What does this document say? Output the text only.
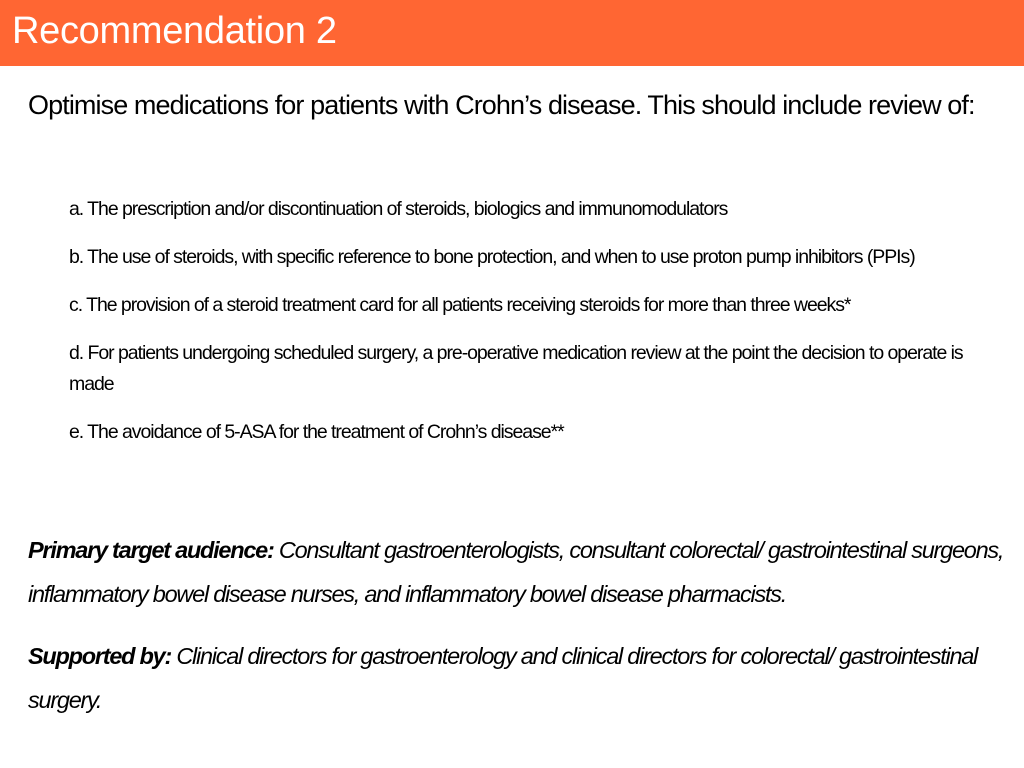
Recommendation 2
Optimise medications for patients with Crohn’s disease. This should include review of:
a. The prescription and/or discontinuation of steroids, biologics and immunomodulators
b. The use of steroids, with specific reference to bone protection, and when to use proton pump inhibitors (PPIs)
c. The provision of a steroid treatment card for all patients receiving steroids for more than three weeks*
d. For patients undergoing scheduled surgery, a pre-operative medication review at the point the decision to operate is made
e. The avoidance of 5-ASA for the treatment of Crohn’s disease**
Primary target audience: Consultant gastroenterologists, consultant colorectal/ gastrointestinal surgeons, inflammatory bowel disease nurses, and inflammatory bowel disease pharmacists.
Supported by: Clinical directors for gastroenterology and clinical directors for colorectal/ gastrointestinal surgery.
